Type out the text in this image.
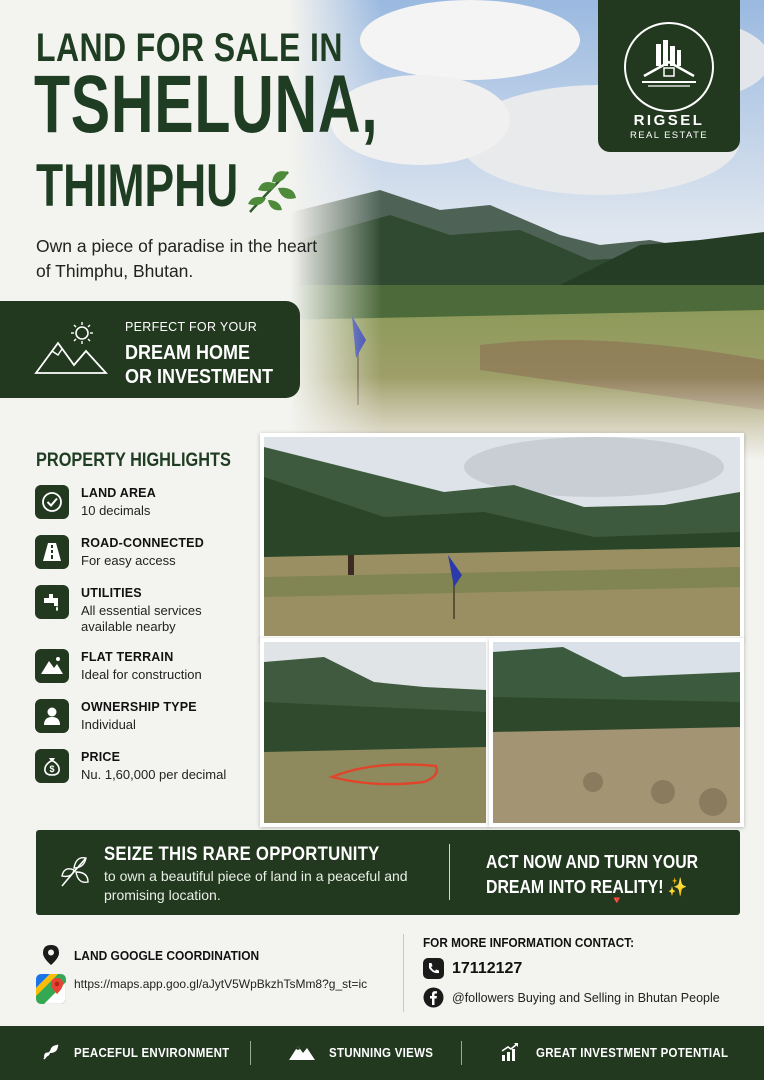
LAND FOR SALE IN
TSHELUNA,
THIMPHU
Own a piece of paradise in the heart of Thimphu, Bhutan.
RIGSEL
REAL ESTATE
PERFECT FOR YOUR
DREAM HOME
OR INVESTMENT
PROPERTY HIGHLIGHTS
LAND AREA
10 decimals
ROAD-CONNECTED
For easy access
UTILITIES
All essential services available nearby
FLAT TERRAIN
Ideal for construction
OWNERSHIP TYPE
Individual
$
PRICE
Nu. 1,60,000 per decimal
SEIZE THIS RARE OPPORTUNITY
to own a beautiful piece of land in a peaceful and promising location.
ACT NOW AND TURN YOUR
DREAM INTO REALITY! ✨
🔻
LAND GOOGLE COORDINATION
https://maps.app.goo.gl/aJytV5WpBkzhTsMm8?g_st=ic
FOR MORE INFORMATION CONTACT:
17112127
@followers Buying and Selling in Bhutan People
PEACEFUL ENVIRONMENT	STUNNING VIEWS	GREAT INVESTMENT POTENTIAL
